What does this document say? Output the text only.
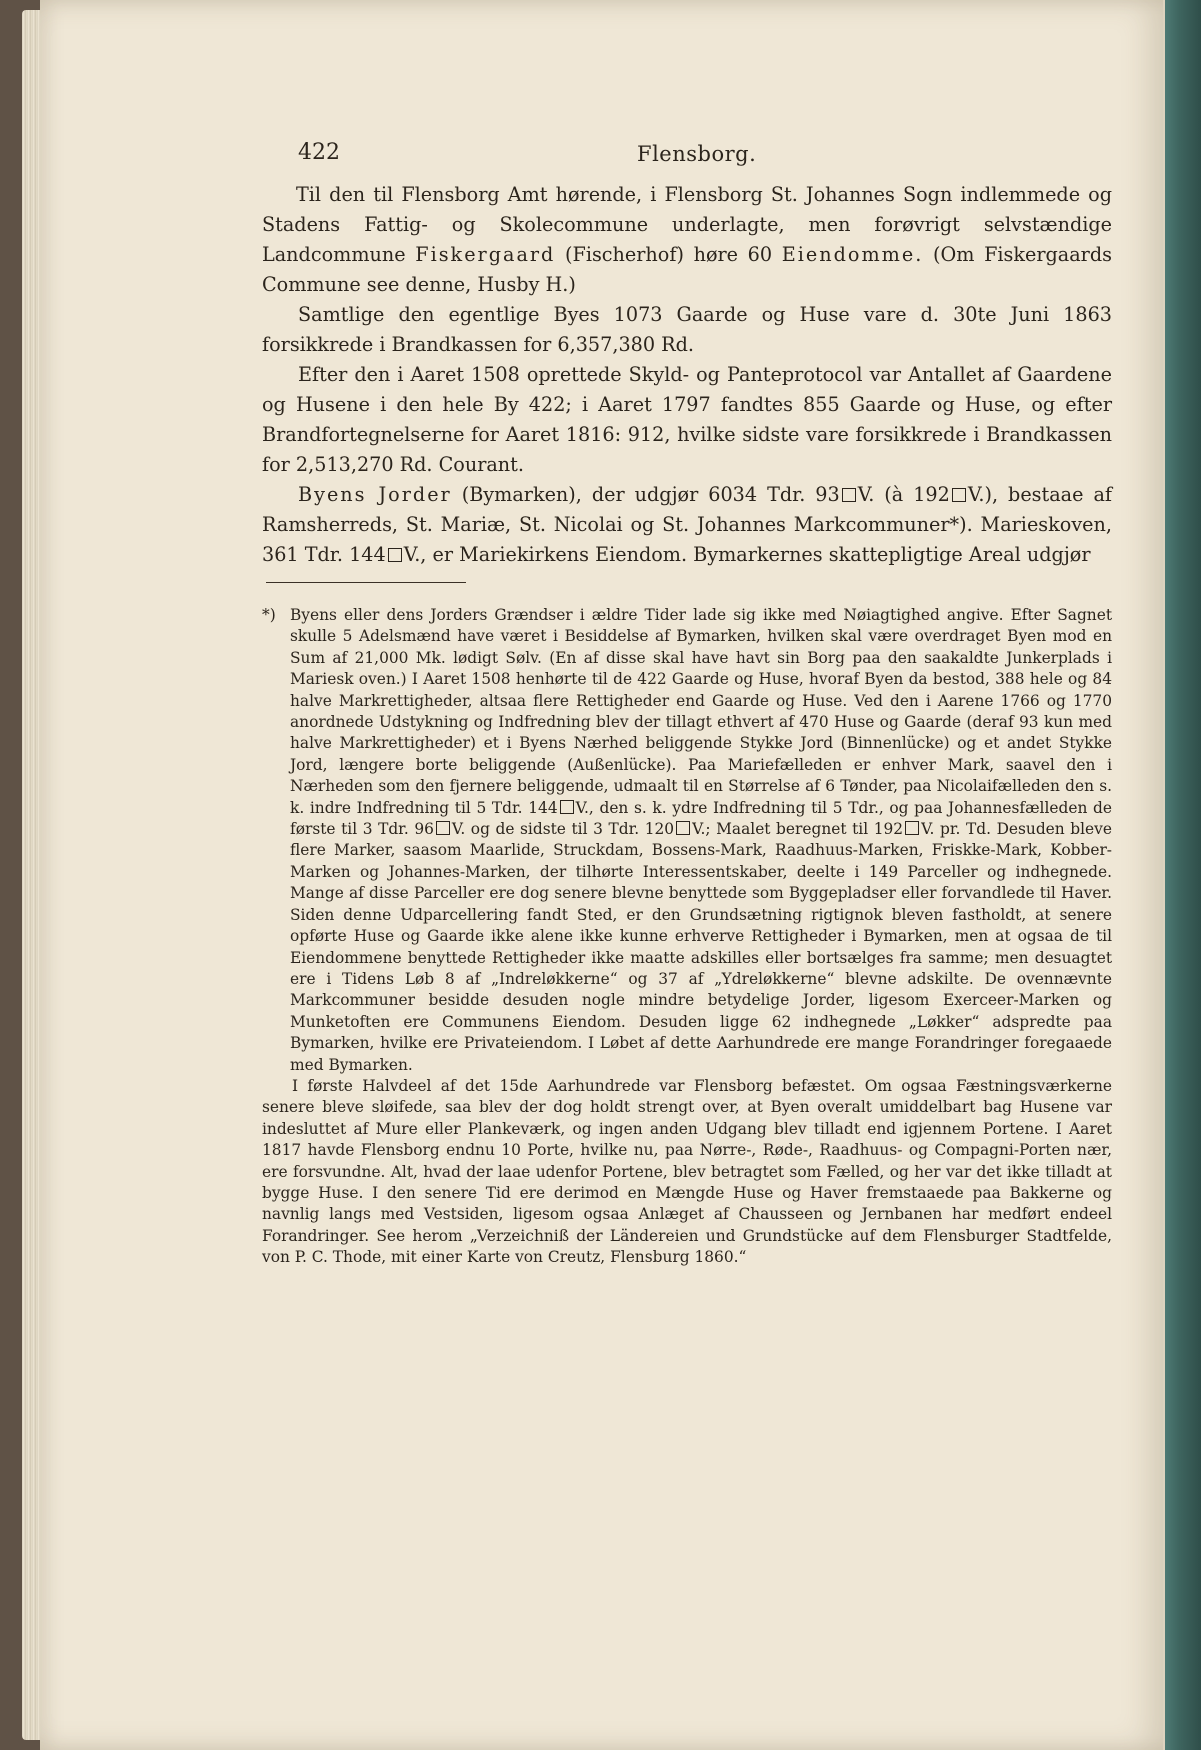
422	Flensborg.

Til den til Flensborg Amt hørende, i Flensborg St. Johannes Sogn indlemmede og Stadens Fattig- og Skolecommune underlagte, men forøvrigt selvstændige Landcommune Fiskergaard (Fischerhof) høre 60 Eiendomme. (Om Fiskergaards Commune see denne, Husby H.)

Samtlige den egentlige Byes 1073 Gaarde og Huse vare d. 30te Juni 1863 forsikkrede i Brandkassen for 6,357,380 Rd.

Efter den i Aaret 1508 oprettede Skyld- og Panteprotocol var Antallet af Gaardene og Husene i den hele By 422; i Aaret 1797 fandtes 855 Gaarde og Huse, og efter Brandfortegnelserne for Aaret 1816: 912, hvilke sidste vare forsikkrede i Brandkassen for 2,513,270 Rd. Courant.

Byens Jorder (Bymarken), der udgjør 6034 Tdr. 93 V. (à 192 V.), bestaae af Ramsherreds, St. Mariæ, St. Nicolai og St. Johannes Markcommuner*). Marieskoven, 361 Tdr. 144 V., er Mariekirkens Eiendom. Bymarkernes skattepligtige Areal udgjør

*) Byens eller dens Jorders Grændser i ældre Tider lade sig ikke med Nøiagtighed angive. Efter Sagnet skulle 5 Adelsmænd have været i Besiddelse af Bymarken, hvilken skal være overdraget Byen mod en Sum af 21,000 Mk. lødigt Sølv. (En af disse skal have havt sin Borg paa den saakaldte Junkerplads i Mariesk oven.) I Aaret 1508 henhørte til de 422 Gaarde og Huse, hvoraf Byen da bestod, 388 hele og 84 halve Markrettigheder, altsaa flere Rettigheder end Gaarde og Huse. Ved den i Aarene 1766 og 1770 anordnede Udstykning og Indfredning blev der tillagt ethvert af 470 Huse og Gaarde (deraf 93 kun med halve Markrettigheder) et i Byens Nærhed beliggende Stykke Jord (Binnenlücke) og et andet Stykke Jord, længere borte beliggende (Außenlücke). Paa Mariefælleden er enhver Mark, saavel den i Nærheden som den fjernere beliggende, udmaalt til en Størrelse af 6 Tønder, paa Nicolaifælleden den s. k. indre Indfredning til 5 Tdr. 144 V., den s. k. ydre Indfredning til 5 Tdr., og paa Johannesfælleden de første til 3 Tdr. 96 V. og de sidste til 3 Tdr. 120 V.; Maalet beregnet til 192 V. pr. Td. Desuden bleve flere Marker, saasom Maarlide, Struckdam, Bossens-Mark, Raadhuus-Marken, Friskke-Mark, Kobber-Marken og Johannes-Marken, der tilhørte Interessentskaber, deelte i 149 Parceller og indhegnede. Mange af disse Parceller ere dog senere blevne benyttede som Byggepladser eller forvandlede til Haver. Siden denne Udparcellering fandt Sted, er den Grundsætning rigtignok bleven fastholdt, at senere opførte Huse og Gaarde ikke alene ikke kunne erhverve Rettigheder i Bymarken, men at ogsaa de til Eiendommene benyttede Rettigheder ikke maatte adskilles eller bortsælges fra samme; men desuagtet ere i Tidens Løb 8 af „Indreløkkerne“ og 37 af „Ydreløkkerne“ blevne adskilte. De ovennævnte Markcommuner besidde desuden nogle mindre betydelige Jorder, ligesom Exerceer-Marken og Munketoften ere Communens Eiendom. Desuden ligge 62 indhegnede „Løkker“ adspredte paa Bymarken, hvilke ere Privateiendom. I Løbet af dette Aarhundrede ere mange Forandringer foregaaede med Bymarken.

I første Halvdeel af det 15de Aarhundrede var Flensborg befæstet. Om ogsaa Fæstningsværkerne senere bleve sløifede, saa blev der dog holdt strengt over, at Byen overalt umiddelbart bag Husene var indesluttet af Mure eller Plankeværk, og ingen anden Udgang blev tilladt end igjennem Portene. I Aaret 1817 havde Flensborg endnu 10 Porte, hvilke nu, paa Nørre-, Røde-, Raadhuus- og Compagni-Porten nær, ere forsvundne. Alt, hvad der laae udenfor Portene, blev betragtet som Fælled, og her var det ikke tilladt at bygge Huse. I den senere Tid ere derimod en Mængde Huse og Haver fremstaaede paa Bakkerne og navnlig langs med Vestsiden, ligesom ogsaa Anlæget af Chausseen og Jernbanen har medført endeel Forandringer. See herom „Verzeichniß der Ländereien und Grundstücke auf dem Flensburger Stadtfelde, von P. C. Thode, mit einer Karte von Creutz, Flensburg 1860.“
